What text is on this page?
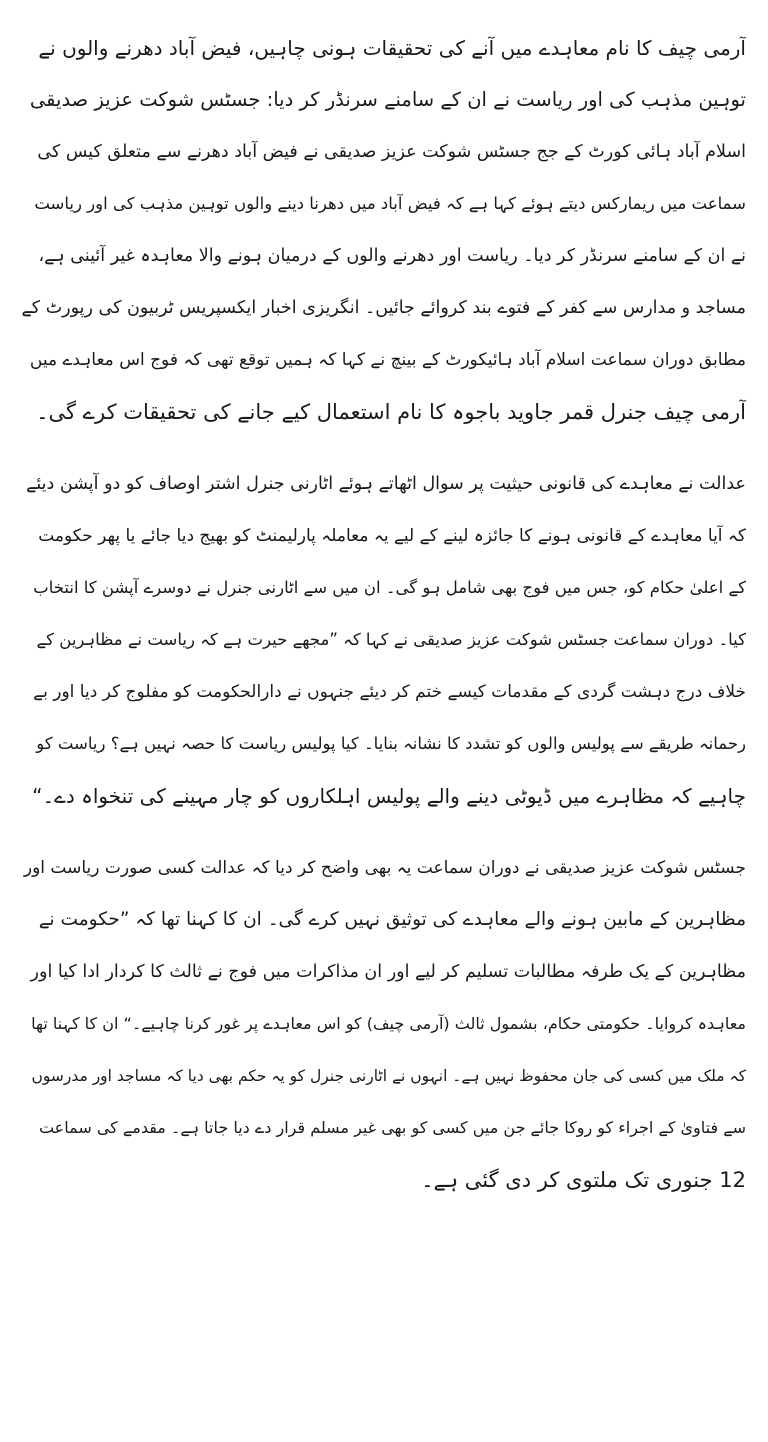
آرمی چیف کا نام معاہدے میں آنے کی تحقیقات ہونی چاہیں، فیض آباد دھرنے والوں نے
توہین مذہب کی اور ریاست نے ان کے سامنے سرنڈر کر دیا: جسٹس شوکت عزیز صدیقی
اسلام آباد ہائی کورٹ کے جج جسٹس شوکت عزیز صدیقی نے فیض آباد دھرنے سے متعلق کیس کی
سماعت میں ریمارکس دیتے ہوئے کہا ہے کہ فیض آباد میں دھرنا دینے والوں توہین مذہب کی اور ریاست
نے ان کے سامنے سرنڈر کر دیا۔ ریاست اور دھرنے والوں کے درمیان ہونے والا معاہدہ غیر آئینی ہے،
مساجد و مدارس سے کفر کے فتوے بند کروائے جائیں۔ انگریزی اخبار ایکسپریس ٹربیون کی رپورٹ کے
مطابق دوران سماعت اسلام آباد ہائیکورٹ کے بینچ نے کہا کہ ہمیں توقع تھی کہ فوج اس معاہدے میں
آرمی چیف جنرل قمر جاوید باجوہ کا نام استعمال کیے جانے کی تحقیقات کرے گی۔
عدالت نے معاہدے کی قانونی حیثیت پر سوال اٹھاتے ہوئے اٹارنی جنرل اشتر اوصاف کو دو آپشن دیئے
کہ آیا معاہدے کے قانونی ہونے کا جائزہ لینے کے لیے یہ معاملہ پارلیمنٹ کو بھیج دیا جائے یا پھر حکومت
کے اعلیٰ حکام کو، جس میں فوج بھی شامل ہو گی۔ ان میں سے اٹارنی جنرل نے دوسرے آپشن کا انتخاب
کیا۔ دوران سماعت جسٹس شوکت عزیز صدیقی نے کہا کہ ”مجھے حیرت ہے کہ ریاست نے مظاہرین کے
خلاف درج دہشت گردی کے مقدمات کیسے ختم کر دیئے جنہوں نے دارالحکومت کو مفلوج کر دیا اور بے
رحمانہ طریقے سے پولیس والوں کو تشدد کا نشانہ بنایا۔ کیا پولیس ریاست کا حصہ نہیں ہے؟ ریاست کو
چاہیے کہ مظاہرے میں ڈیوٹی دینے والے پولیس اہلکاروں کو چار مہینے کی تنخواہ دے۔“
جسٹس شوکت عزیز صدیقی نے دوران سماعت یہ بھی واضح کر دیا کہ عدالت کسی صورت ریاست اور
مظاہرین کے مابین ہونے والے معاہدے کی توثیق نہیں کرے گی۔ ان کا کہنا تھا کہ ”حکومت نے
مظاہرین کے یک طرفہ مطالبات تسلیم کر لیے اور ان مذاکرات میں فوج نے ثالث کا کردار ادا کیا اور
معاہدہ کروایا۔ حکومتی حکام، بشمول ثالث (آرمی چیف) کو اس معاہدے پر غور کرنا چاہیے۔“ ان کا کہنا تھا
کہ ملک میں کسی کی جان محفوظ نہیں ہے۔ انہوں نے اٹارنی جنرل کو یہ حکم بھی دیا کہ مساجد اور مدرسوں
سے فتاویٰ کے اجراء کو روکا جائے جن میں کسی کو بھی غیر مسلم قرار دے دیا جاتا ہے۔ مقدمے کی سماعت
12 جنوری تک ملتوی کر دی گئی ہے۔
